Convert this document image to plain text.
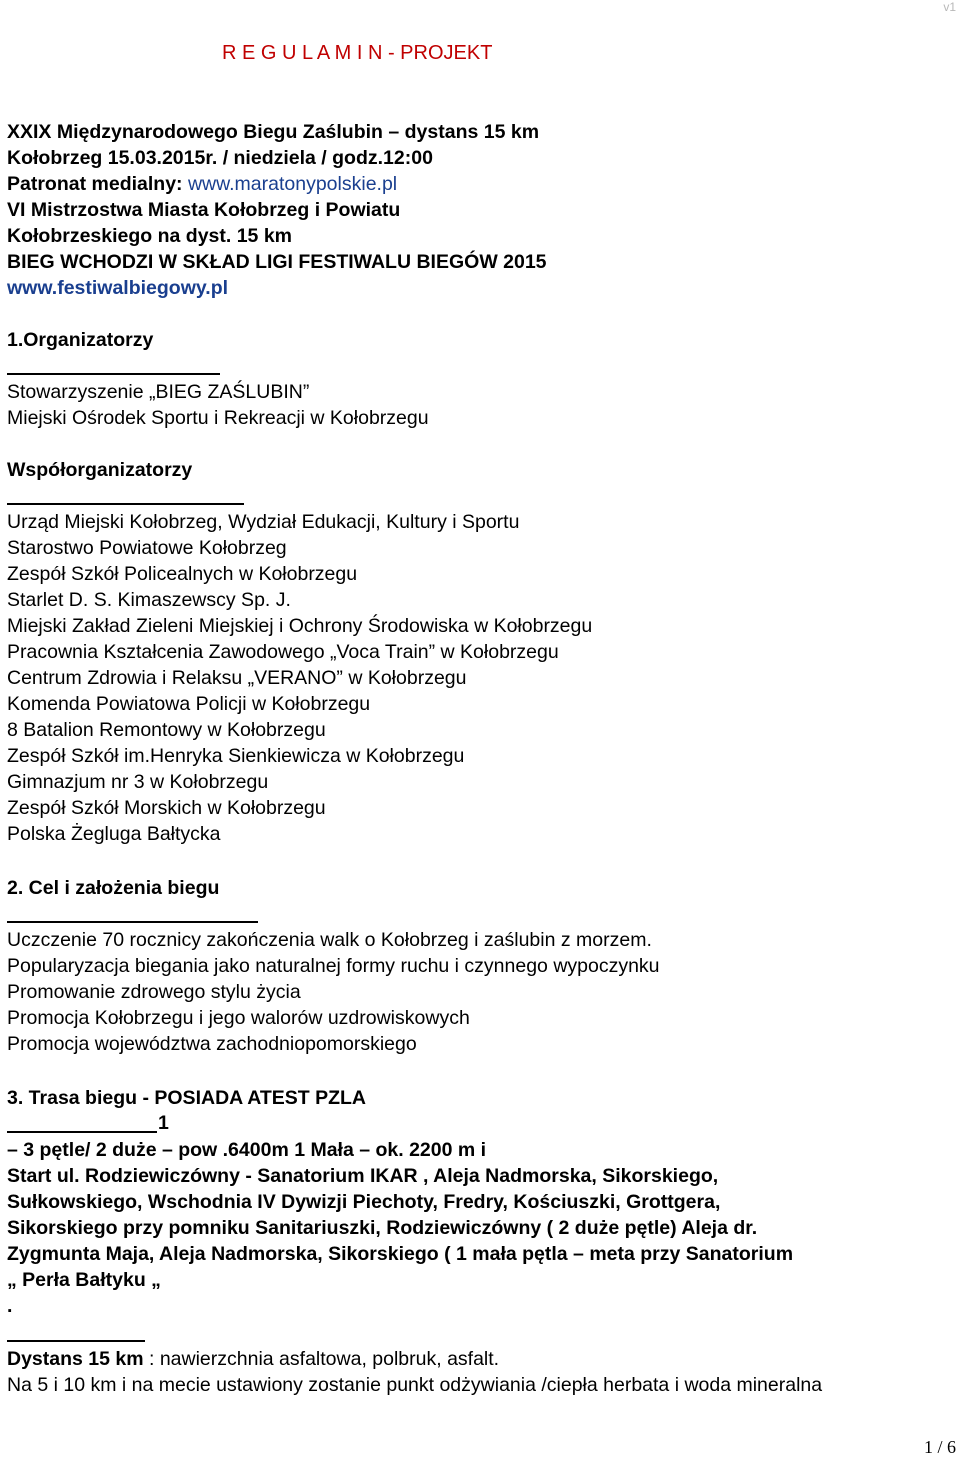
v1
R E G U L A M I N - PROJEKT
XXIX Międzynarodowego Biegu Zaślubin – dystans 15 km
Kołobrzeg 15.03.2015r. / niedziela / godz.12:00
Patronat medialny: www.maratonypolskie.pl
VI Mistrzostwa Miasta Kołobrzeg i Powiatu
Kołobrzeskiego na dyst. 15 km
BIEG WCHODZI W SKŁAD LIGI FESTIWALU BIEGÓW 2015
www.festiwalbiegowy.pl
1.Organizatorzy
Stowarzyszenie „BIEG ZAŚLUBIN”
Miejski Ośrodek Sportu i Rekreacji w Kołobrzegu
Współorganizatorzy
Urząd Miejski Kołobrzeg, Wydział Edukacji, Kultury i Sportu
Starostwo Powiatowe Kołobrzeg
Zespół Szkół Policealnych w Kołobrzegu
Starlet D. S. Kimaszewscy Sp. J.
Miejski Zakład Zieleni Miejskiej i Ochrony Środowiska w Kołobrzegu
Pracownia Kształcenia Zawodowego „Voca Train” w Kołobrzegu
Centrum Zdrowia i Relaksu „VERANO” w Kołobrzegu
Komenda Powiatowa Policji w Kołobrzegu
8 Batalion Remontowy w Kołobrzegu
Zespół Szkół im.Henryka Sienkiewicza w Kołobrzegu
Gimnazjum nr 3 w Kołobrzegu
Zespół Szkół Morskich w Kołobrzegu
Polska Żegluga Bałtycka
2. Cel i założenia biegu
Uczczenie 70 rocznicy zakończenia walk o Kołobrzeg i zaślubin z morzem.
Popularyzacja biegania jako naturalnej formy ruchu i czynnego wypoczynku
Promowanie zdrowego stylu życia
Promocja Kołobrzegu i jego walorów uzdrowiskowych
Promocja województwa zachodniopomorskiego
3. Trasa biegu - POSIADA ATEST PZLA
1
– 3 pętle/ 2 duże – pow .6400m 1 Mała – ok. 2200 m i
Start ul. Rodziewiczówny - Sanatorium IKAR , Aleja Nadmorska, Sikorskiego,
Sułkowskiego, Wschodnia IV Dywizji Piechoty, Fredry, Kościuszki, Grottgera,
Sikorskiego przy pomniku Sanitariuszki, Rodziewiczówny ( 2 duże pętle) Aleja dr.
Zygmunta Maja, Aleja Nadmorska, Sikorskiego ( 1 mała pętla – meta przy Sanatorium
„ Perła Bałtyku „
.
Dystans 15 km : nawierzchnia asfaltowa, polbruk, asfalt.
Na 5 i 10 km i na mecie ustawiony zostanie punkt odżywiania /ciepła herbata i woda mineralna
1 / 6
